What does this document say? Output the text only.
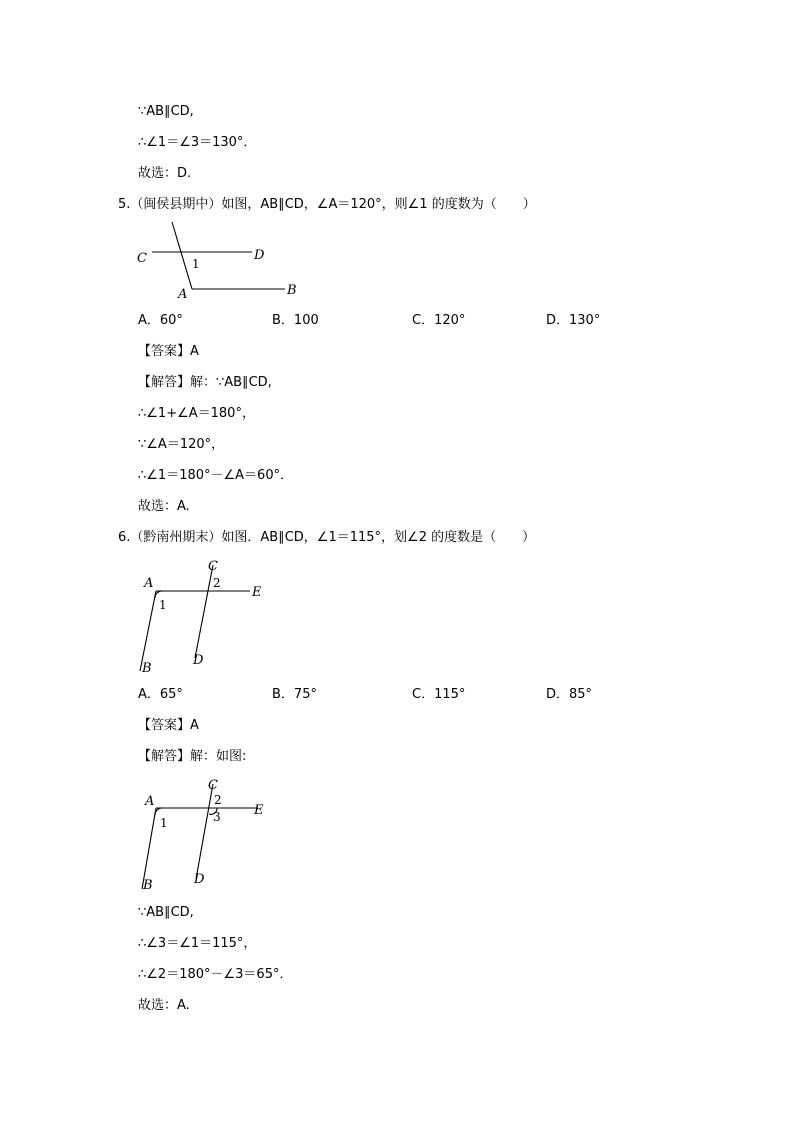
∵AB∥CD,
∴∠1＝∠3＝130°．
故选：D.
5.（闽侯县期中）如图，AB∥CD，∠A＝120°，则∠1 的度数为（　　）
C	D
1
A	B
A．60°	B．100	C．120°	D．130°
【答案】A
【解答】解：∵AB∥CD,
∴∠1+∠A＝180°，
∵∠A＝120°，
∴∠1＝180°－∠A＝60°．
故选：A.
6.（黔南州期末）如图．AB∥CD，∠1＝115°，划∠2 的度数是（　　）
A
C
2
E
1
D
B
A．65°	B．75°	C．115°	D．85°
【答案】A
【解答】解：如图:
A
C
2
E
3
1
D
B
∵AB∥CD,
∴∠3＝∠1＝115°，
∴∠2＝180°－∠3＝65°．
故选：A.
